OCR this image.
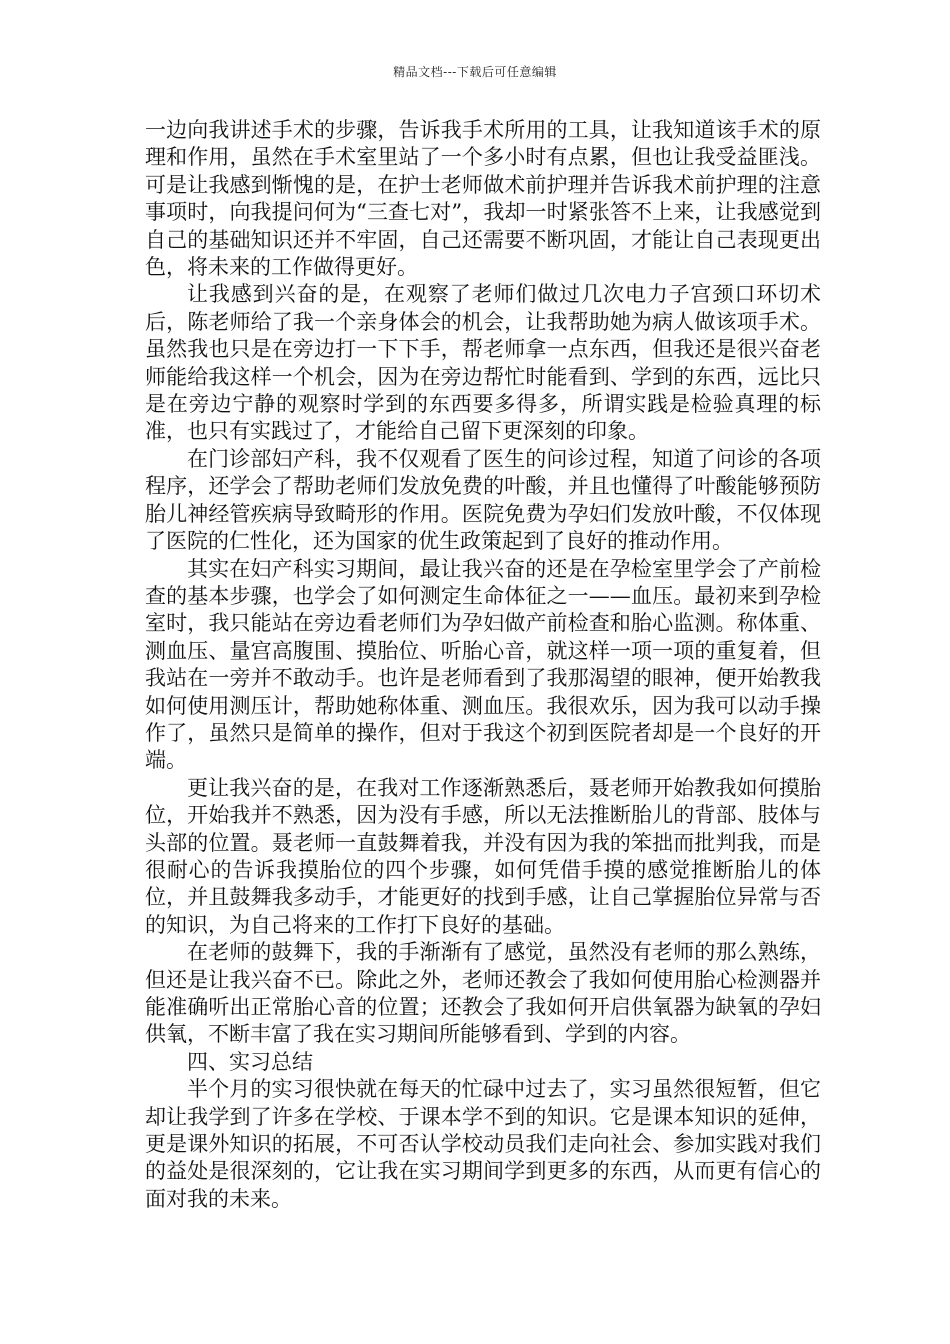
精品文档---下载后可任意编辑

一边向我讲述手术的步骤，告诉我手术所用的工具，让我知道该手术的原理和作用，虽然在手术室里站了一个多小时有点累，但也让我受益匪浅。可是让我感到惭愧的是，在护士老师做术前护理并告诉我术前护理的注意事项时，向我提问何为“三查七对”，我却一时紧张答不上来，让我感觉到自己的基础知识还并不牢固，自己还需要不断巩固，才能让自己表现更出色，将未来的工作做得更好。

让我感到兴奋的是，在观察了老师们做过几次电力子宫颈口环切术后，陈老师给了我一个亲身体会的机会，让我帮助她为病人做该项手术。虽然我也只是在旁边打一下下手，帮老师拿一点东西，但我还是很兴奋老师能给我这样一个机会，因为在旁边帮忙时能看到、学到的东西，远比只是在旁边宁静的观察时学到的东西要多得多，所谓实践是检验真理的标准，也只有实践过了，才能给自己留下更深刻的印象。

在门诊部妇产科，我不仅观看了医生的问诊过程，知道了问诊的各项程序，还学会了帮助老师们发放免费的叶酸，并且也懂得了叶酸能够预防胎儿神经管疾病导致畸形的作用。医院免费为孕妇们发放叶酸，不仅体现了医院的仁性化，还为国家的优生政策起到了良好的推动作用。

其实在妇产科实习期间，最让我兴奋的还是在孕检室里学会了产前检查的基本步骤，也学会了如何测定生命体征之一——血压。最初来到孕检室时，我只能站在旁边看老师们为孕妇做产前检查和胎心监测。称体重、测血压、量宫高腹围、摸胎位、听胎心音，就这样一项一项的重复着，但我站在一旁并不敢动手。也许是老师看到了我那渴望的眼神，便开始教我如何使用测压计，帮助她称体重、测血压。我很欢乐，因为我可以动手操作了，虽然只是简单的操作，但对于我这个初到医院者却是一个良好的开端。

更让我兴奋的是，在我对工作逐渐熟悉后，聂老师开始教我如何摸胎位，开始我并不熟悉，因为没有手感，所以无法推断胎儿的背部、肢体与头部的位置。聂老师一直鼓舞着我，并没有因为我的笨拙而批判我，而是很耐心的告诉我摸胎位的四个步骤，如何凭借手摸的感觉推断胎儿的体位，并且鼓舞我多动手，才能更好的找到手感，让自己掌握胎位异常与否的知识，为自己将来的工作打下良好的基础。

在老师的鼓舞下，我的手渐渐有了感觉，虽然没有老师的那么熟练，但还是让我兴奋不已。除此之外，老师还教会了我如何使用胎心检测器并能准确听出正常胎心音的位置；还教会了我如何开启供氧器为缺氧的孕妇供氧，不断丰富了我在实习期间所能够看到、学到的内容。

四、实习总结

半个月的实习很快就在每天的忙碌中过去了，实习虽然很短暂，但它却让我学到了许多在学校、于课本学不到的知识。它是课本知识的延伸，更是课外知识的拓展，不可否认学校动员我们走向社会、参加实践对我们的益处是很深刻的，它让我在实习期间学到更多的东西，从而更有信心的面对我的未来。
